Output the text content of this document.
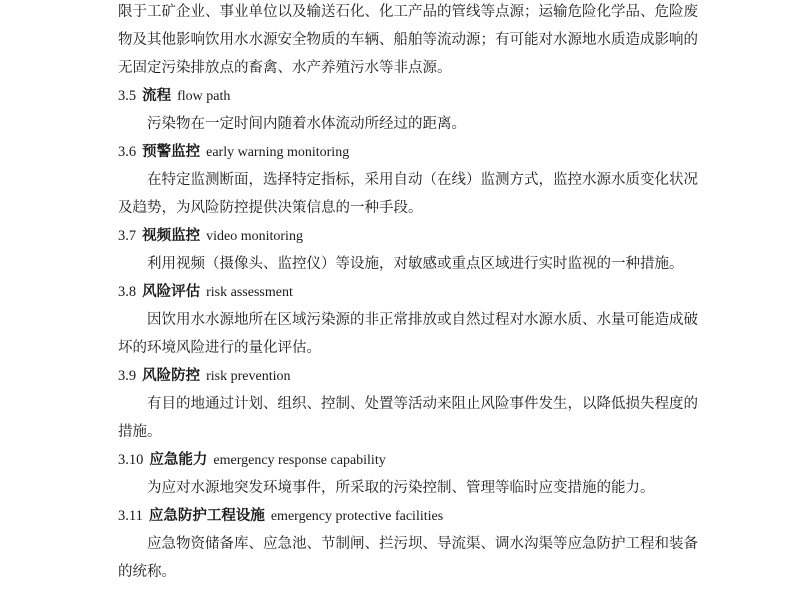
限于工矿企业、事业单位以及输送石化、化工产品的管线等点源；运输危险化学品、危险废
物及其他影响饮用水水源安全物质的车辆、船舶等流动源；有可能对水源地水质造成影响的
无固定污染排放点的畜禽、水产养殖污水等非点源。
3.5 流程 flow path
污染物在一定时间内随着水体流动所经过的距离。
3.6 预警监控 early warning monitoring
在特定监测断面，选择特定指标，采用自动（在线）监测方式，监控水源水质变化状况
及趋势，为风险防控提供决策信息的一种手段。
3.7 视频监控 video monitoring
利用视频（摄像头、监控仪）等设施，对敏感或重点区域进行实时监视的一种措施。
3.8 风险评估 risk assessment
因饮用水水源地所在区域污染源的非正常排放或自然过程对水源水质、水量可能造成破
坏的环境风险进行的量化评估。
3.9 风险防控 risk prevention
有目的地通过计划、组织、控制、处置等活动来阻止风险事件发生，以降低损失程度的
措施。
3.10 应急能力 emergency response capability
为应对水源地突发环境事件，所采取的污染控制、管理等临时应变措施的能力。
3.11 应急防护工程设施 emergency protective facilities
应急物资储备库、应急池、节制闸、拦污坝、导流渠、调水沟渠等应急防护工程和装备
的统称。
